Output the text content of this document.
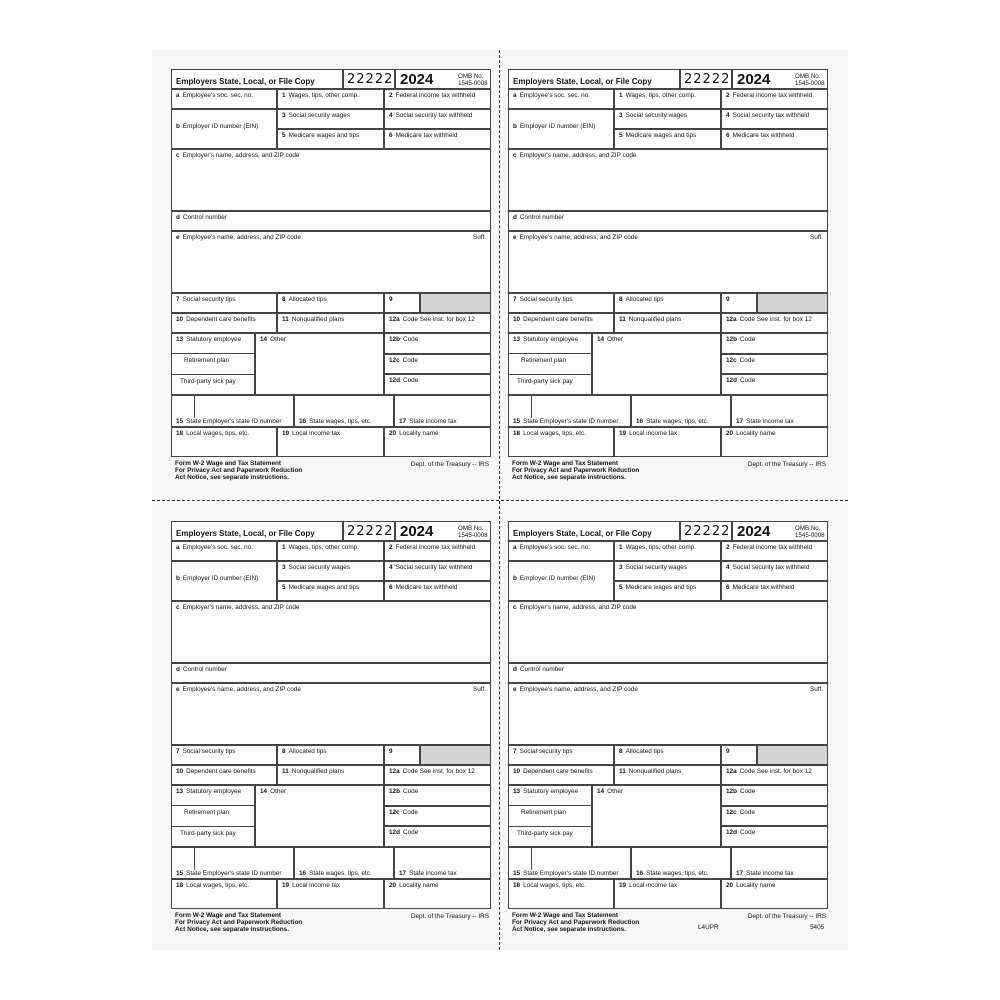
Employers State, Local, or File Copy 22222 2024	OMB No.
1545-0008
a Employee's soc. sec. no.
b Employer ID number (EIN)
1 Wages, tips, other comp.	2 Federal income tax withheld
3 Social security wages	4 Social security tax withheld
5 Medicare wages and tips	6 Medicare tax withheld
c Employer's name, address, and ZIP code
d Control number
e Employee's name, address, and ZIP code	Suff.
7 Social security tips	8 Allocated tips	9
10 Dependent care benefits	11 Nonqualified plans	12a Code See inst. for box 12
13 Statutory employee
Retirement plan
Third-party sick pay
14 Other	12b Code
12c Code
12d Code
15 State Employer's state ID number	16 State wages, tips, etc.	17 State income tax
18 Local wages, tips, etc.	19 Local income tax	20 Locality name
Form W-2 Wage and Tax Statement
For Privacy Act and Paperwork Reduction
Act Notice, see separate instructions.
Dept. of the Treasury -- IRS
Employers State, Local, or File Copy 22222 2024	OMB No.
1545-0008
a Employee's soc. sec. no.
b Employer ID number (EIN)
1 Wages, tips, other comp.	2 Federal income tax withheld
3 Social security wages	4 Social security tax withheld
5 Medicare wages and tips	6 Medicare tax withheld
c Employer's name, address, and ZIP code
d Control number
e Employee's name, address, and ZIP code	Suff.
7 Social security tips	8 Allocated tips	9
10 Dependent care benefits	11 Nonqualified plans	12a Code See inst. for box 12
13 Statutory employee
Retirement plan
Third-party sick pay
14 Other	12b Code
12c Code
12d Code
15 State Employer's state ID number	16 State wages, tips, etc.	17 State income tax
18 Local wages, tips, etc.	19 Local income tax	20 Locality name
Form W-2 Wage and Tax Statement
For Privacy Act and Paperwork Reduction
Act Notice, see separate instructions.
Dept. of the Treasury -- IRS
Employers State, Local, or File Copy 22222 2024	OMB No.
1545-0008
a Employee's soc. sec. no.
b Employer ID number (EIN)
1 Wages, tips, other comp.	2 Federal income tax withheld
3 Social security wages	4 Social security tax withheld
5 Medicare wages and tips	6 Medicare tax withheld
c Employer's name, address, and ZIP code
d Control number
e Employee's name, address, and ZIP code	Suff.
7 Social security tips	8 Allocated tips	9
10 Dependent care benefits	11 Nonqualified plans	12a Code See inst. for box 12
13 Statutory employee
Retirement plan
Third-party sick pay
14 Other	12b Code
12c Code
12d Code
15 State Employer's state ID number	16 State wages, tips, etc.	17 State income tax
18 Local wages, tips, etc.	19 Local income tax	20 Locality name
Form W-2 Wage and Tax Statement
For Privacy Act and Paperwork Reduction
Act Notice, see separate instructions.
Dept. of the Treasury -- IRS
Employers State, Local, or File Copy 22222 2024	OMB No.
1545-0008
a Employee's soc. sec. no.
b Employer ID number (EIN)
1 Wages, tips, other comp.	2 Federal income tax withheld
3 Social security wages	4 Social security tax withheld
5 Medicare wages and tips	6 Medicare tax withheld
c Employer's name, address, and ZIP code
d Control number
e Employee's name, address, and ZIP code	Suff.
7 Social security tips	8 Allocated tips	9
10 Dependent care benefits	11 Nonqualified plans	12a Code See inst. for box 12
13 Statutory employee
Retirement plan
Third-party sick pay
14 Other	12b Code
12c Code
12d Code
15 State Employer's state ID number	16 State wages, tips, etc.	17 State income tax
18 Local wages, tips, etc.	19 Local income tax	20 Locality name
Form W-2 Wage and Tax Statement
For Privacy Act and Paperwork Reduction
Act Notice, see separate instructions.
Dept. of the Treasury -- IRS
L4UPR	5405
